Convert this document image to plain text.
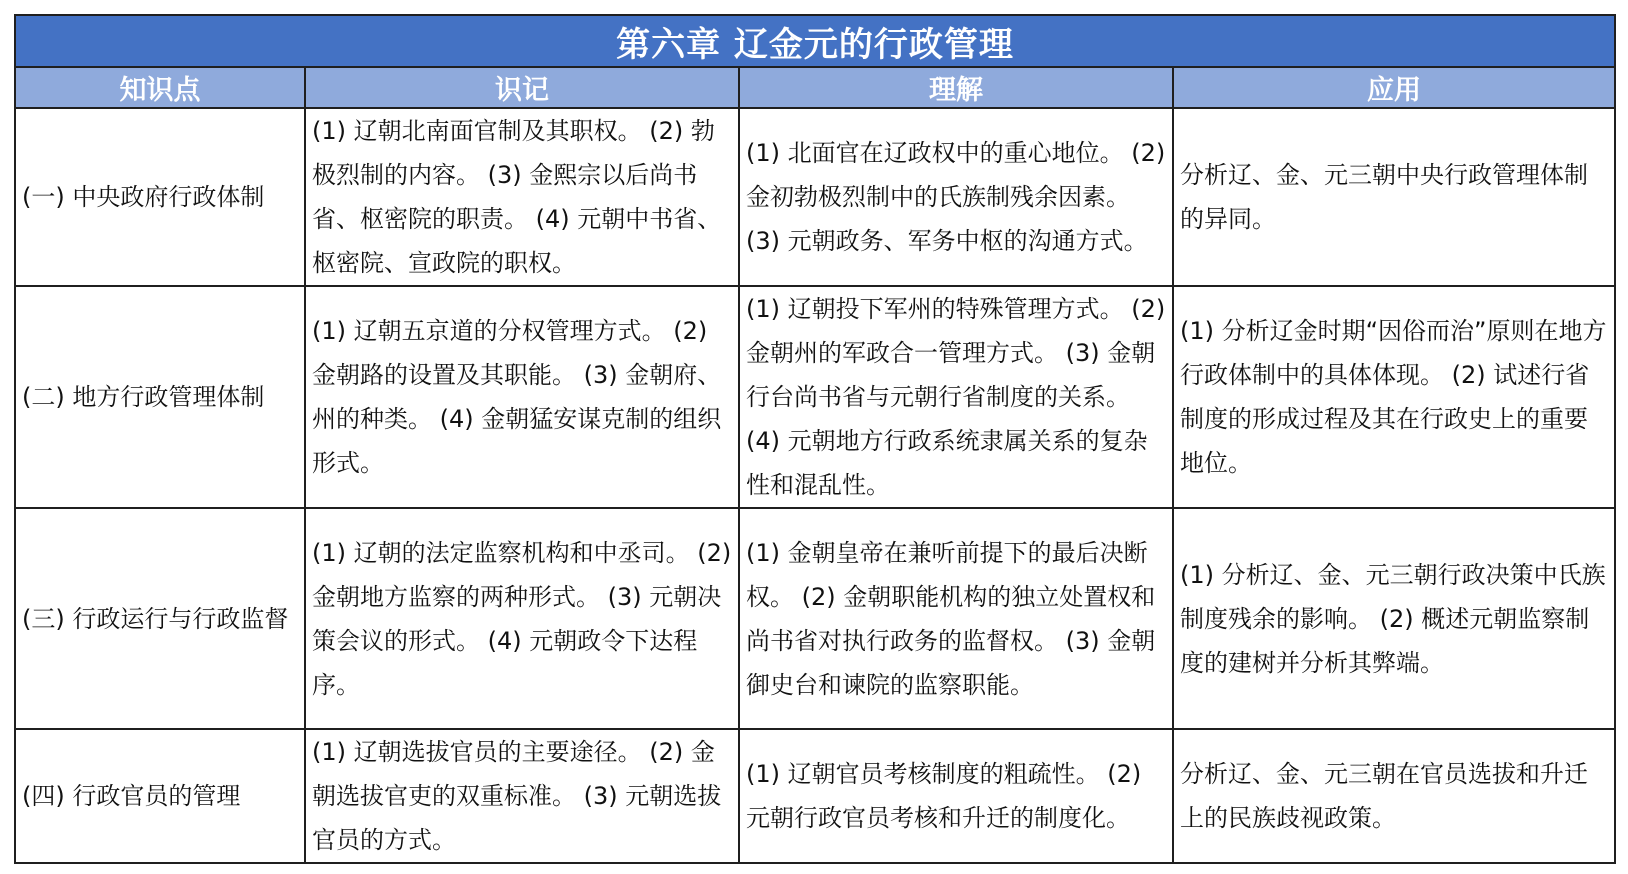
第六章 辽金元的行政管理			
知识点	识记	理解	应用
(一) 中央政府行政体制	(1) 辽朝北南面官制及其职权。 (2) 勃极烈制的内容。 (3) 金熙宗以后尚书省、枢密院的职责。 (4) 元朝中书省、枢密院、宣政院的职权。	(1) 北面官在辽政权中的重心地位。 (2) 金初勃极烈制中的氏族制残余因素。 (3) 元朝政务、军务中枢的沟通方式。	分析辽、金、元三朝中央行政管理体制的异同。
(二) 地方行政管理体制	(1) 辽朝五京道的分权管理方式。 (2) 金朝路的设置及其职能。 (3) 金朝府、州的种类。 (4) 金朝猛安谋克制的组织形式。	(1) 辽朝投下军州的特殊管理方式。 (2) 金朝州的军政合一管理方式。 (3) 金朝行台尚书省与元朝行省制度的关系。 (4) 元朝地方行政系统隶属关系的复杂性和混乱性。	(1) 分析辽金时期“因俗而治”原则在地方行政体制中的具体体现。 (2) 试述行省制度的形成过程及其在行政史上的重要地位。
(三) 行政运行与行政监督	(1) 辽朝的法定监察机构和中丞司。 (2) 金朝地方监察的两种形式。 (3) 元朝决策会议的形式。 (4) 元朝政令下达程序。	(1) 金朝皇帝在兼听前提下的最后决断权。 (2) 金朝职能机构的独立处置权和尚书省对执行政务的监督权。 (3) 金朝御史台和谏院的监察职能。	(1) 分析辽、金、元三朝行政决策中氏族制度残余的影响。 (2) 概述元朝监察制度的建树并分析其弊端。
(四) 行政官员的管理	(1) 辽朝选拔官员的主要途径。 (2) 金朝选拔官吏的双重标准。 (3) 元朝选拔官员的方式。	(1) 辽朝官员考核制度的粗疏性。 (2) 元朝行政官员考核和升迁的制度化。	分析辽、金、元三朝在官员选拔和升迁上的民族歧视政策。
